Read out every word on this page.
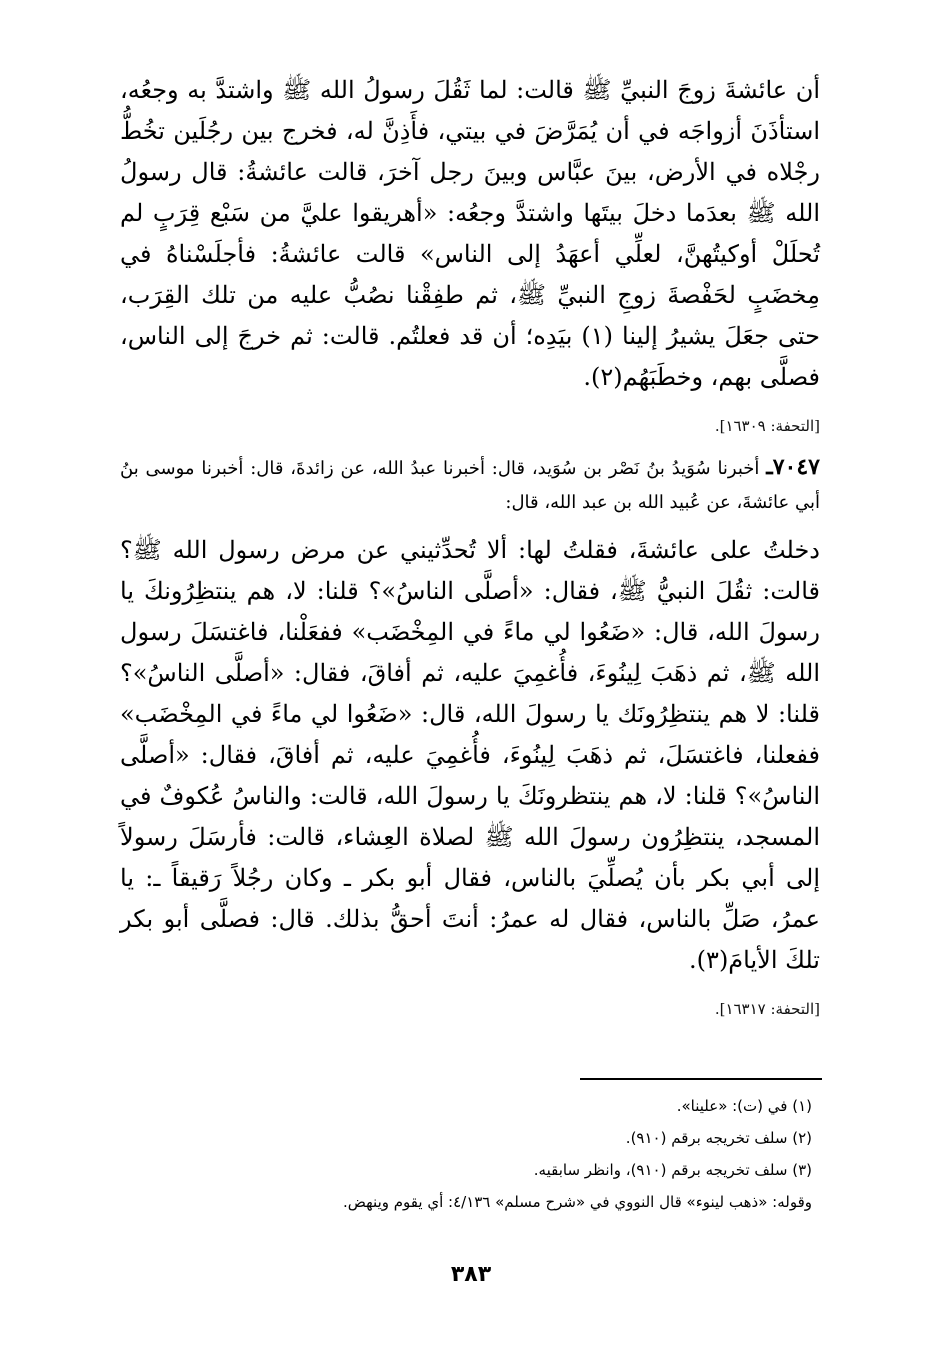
أن عائشةَ زوجَ النبيِّ ﷺ قالت: لما ثَقُلَ رسولُ الله ﷺ واشتدَّ به وجعُه، استأذَنَ أزواجَه في أن يُمَرَّضَ في بيتي، فأَذِنَّ له، فخرج بين رجُلَين تخُطُّ رجْلاه في الأرض، بينَ عبَّاس وبينَ رجل آخرَ، قالت عائشةُ: قال رسولُ الله ﷺ بعدَما دخلَ بيتَها واشتدَّ وجعُه: «أهريقوا عليَّ من سَبْع قِرَبٍ لم تُحلَلْ أوكيتُهنَّ، لعلِّي أعهَدُ إلى الناس» قالت عائشةُ: فأجلَسْناهُ في مِخضَبٍ لحَفْصةَ زوجِ النبيِّ ﷺ، ثم طفِقْنا نصُبُّ عليه من تلك القِرَب، حتى جعَلَ يشيرُ إلينا (١) بيَدِه؛ أن قد فعلتُم. قالت: ثم خرجَ إلى الناس، فصلَّى بهم، وخطَبَهُم(٢).

[التحفة: ١٦٣٠٩].
٧٠٤٧ـ أخبرنا سُوَيدُ بنُ نَصْر بن سُوَيد، قال: أخبرنا عبدُ الله، عن زائدةَ، قال: أخبرنا موسى بنُ أبي عائشةَ، عن عُبيد الله بن عبد الله، قال:

دخلتُ على عائشةَ، فقلتُ لها: ألا تُحدِّثيني عن مرض رسول الله ﷺ؟ قالت: ثقُلَ النبيُّ ﷺ، فقال: «أصلَّى الناسُ»؟ قلنا: لا، هم ينتظِرُونكَ يا رسولَ الله، قال: «ضَعُوا لي ماءً في المِخْضَب» ففعَلْنا، فاغتسَلَ رسول الله ﷺ، ثم ذهَبَ لِينُوءَ، فأُغمِيَ عليه، ثم أفاقَ، فقال: «أصلَّى الناسُ»؟ قلنا: لا هم ينتظِرُونَك يا رسولَ الله، قال: «ضَعُوا لي ماءً في المِخْضَب» ففعلنا، فاغتسَلَ، ثم ذهَبَ لِينُوءَ، فأُغمِيَ عليه، ثم أفاقَ، فقال: «أصلَّى الناسُ»؟ قلنا: لا، هم ينتظرونَكَ يا رسولَ الله، قالت: والناسُ عُكوفٌ في المسجد، ينتظِرُون رسولَ الله ﷺ لصلاة العِشاء، قالت: فأرسَلَ رسولاً إلى أبي بكر بأن يُصلِّيَ بالناس، فقال أبو بكر ـ وكان رجُلاً رَقيقاً ـ: يا عمرُ، صَلِّ بالناس، فقال له عمرُ: أنتَ أحقُّ بذلك. قال: فصلَّى أبو بكر تلكَ الأيامَ(٣).

[التحفة: ١٦٣١٧].
(١) في (ت): «علينا».
(٢) سلف تخريجه برقم (٩١٠).
(٣) سلف تخريجه برقم (٩١٠)، وانظر سابقيه.
وقوله: «ذهب لينوء» قال النووي في «شرح مسلم» ٤/١٣٦: أي يقوم وينهض.
٣٨٣
